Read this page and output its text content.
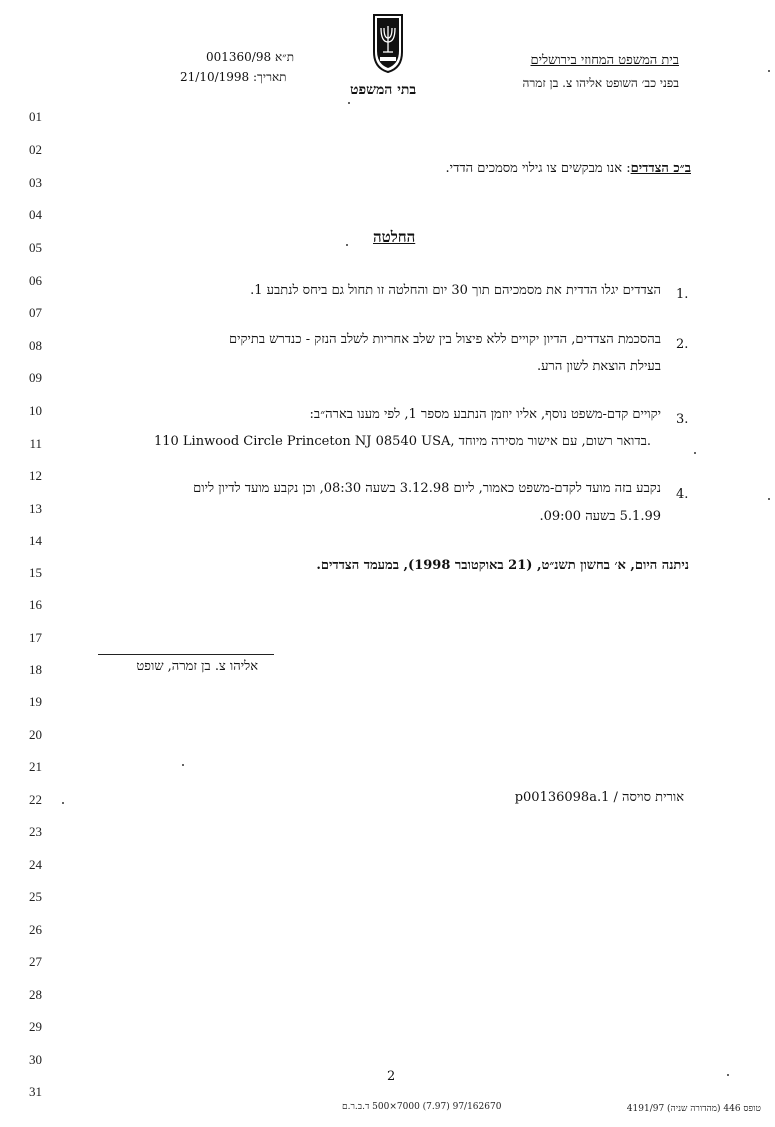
01
02
03
04
05
06
07
08
09
10
11
12
13
14
15
16
17
18
19
20
21
22
23
24
25
26
27
28
29
30
31
בית המשפט המחוזי בירושלים
בפני כב׳ השופט אליהו צ. בן זמרה
בתי המשפט
ת״א 001360/98
תאריך: 21/10/1998
ב״כ הצדדים: אנו מבקשים צו גילוי מסמכים הדדי.
החלטה
1.
הצדדים יגלו הדדית את מסמכיהם תוך 30 יום והחלטה זו תחול גם ביחס לנתבע 1.
2.
בהסכמת הצדדים, הדיון יקויים ללא פיצול בין שלב אחריות לשלב הנזק - כנדרש בתיקים
בעילת הוצאת לשון הרע.
3.
יקויים קדם-משפט נוסף, אליו יוזמן הנתבע מספר 1, לפי מענו בארה״ב:
110 Linwood Circle Princeton NJ 08540 USA, בדואר רשום, עם אישור מסירה מיוחד.
4.
נקבע בזה מועד לקדם-משפט כאמור, ליום 3.12.98 בשעה 08:30, וכן נקבע מועד לדיון ליום
5.1.99 בשעה 09:00.
ניתנה היום, א׳ בחשון תשנ״ט, (21 באוקטובר 1998), במעמד הצדדים.
אליהו צ. בן זמרה, שופט
אורית סויסה / p00136098a.1
2
97/162670 (7.97) 7000×500 ד.ב.ר.ם	טופס 446 (מהדורה שניה) 4191/97
